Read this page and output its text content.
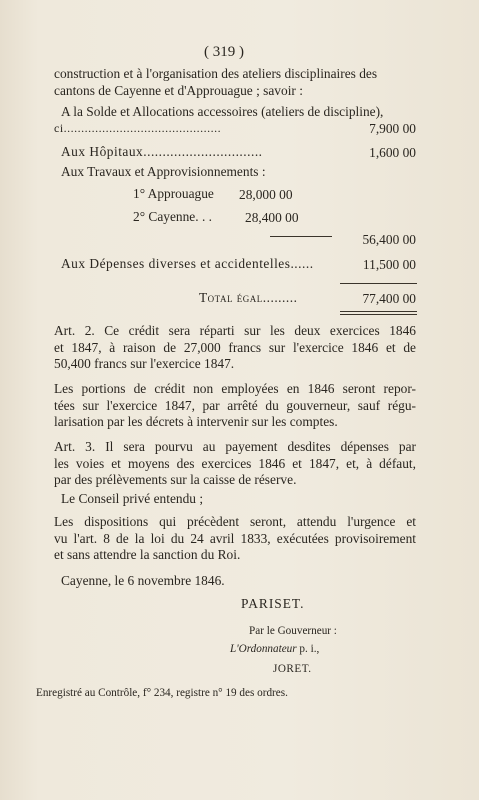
( 319 )
construction et à l'organisation des ateliers disciplinaires des
cantons de Cayenne et d'Approuague ; savoir :
A la Solde et Allocations accessoires (ateliers de discipline),
ci.............................................	7,900 00
Aux Hôpitaux...............................	1,600 00
Aux Travaux et Approvisionnements :
1° Approuague 28,000 00
2° Cayenne. . . 28,400 00
56,400 00
Aux Dépenses diverses et accidentelles......	11,500 00
Total égal.........	77,400 00
Art. 2. Ce crédit sera réparti sur les deux exercices 1846
et 1847, à raison de 27,000 francs sur l'exercice 1846 et de
50,400 francs sur l'exercice 1847.
Les portions de crédit non employées en 1846 seront repor-
tées sur l'exercice 1847, par arrêté du gouverneur, sauf régu-
larisation par les décrets à intervenir sur les comptes.
Art. 3. Il sera pourvu au payement desdites dépenses par
les voies et moyens des exercices 1846 et 1847, et, à défaut,
par des prélèvements sur la caisse de réserve.
Le Conseil privé entendu ;
Les dispositions qui précèdent seront, attendu l'urgence et
vu l'art. 8 de la loi du 24 avril 1833, exécutées provisoirement
et sans attendre la sanction du Roi.
Cayenne, le 6 novembre 1846.
PARISET.
Par le Gouverneur :
L'Ordonnateur p. i.,
JORET.
Enregistré au Contrôle, f° 234, registre n° 19 des ordres.
